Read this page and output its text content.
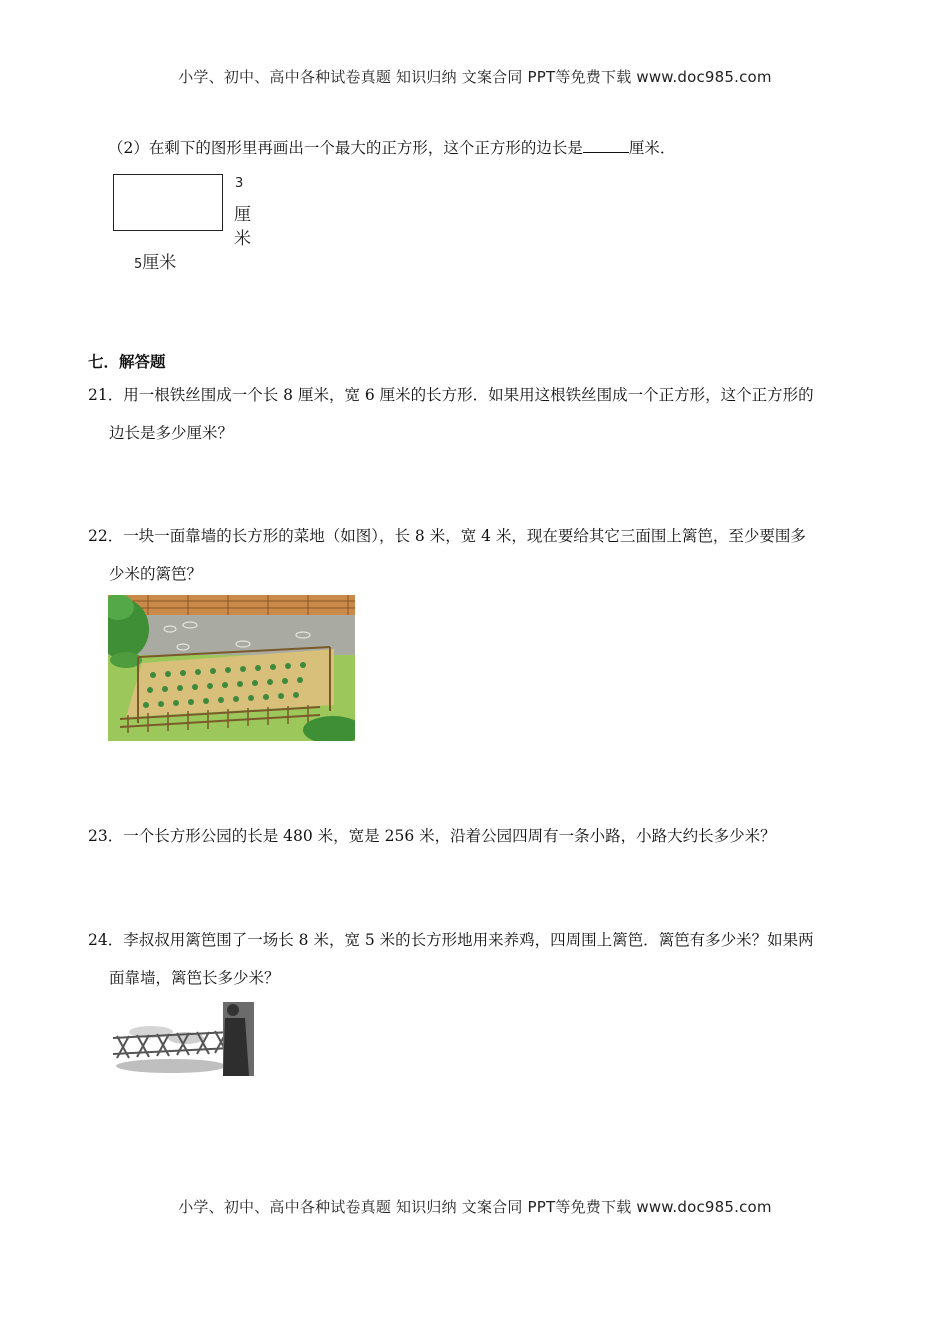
小学、初中、高中各种试卷真题 知识归纳 文案合同 PPT等免费下载 www.doc985.com
（2）在剩下的图形里再画出一个最大的正方形，这个正方形的边长是	厘米．
3
厘
米
5厘米
七．解答题
21．用一根铁丝围成一个长 8 厘米，宽 6 厘米的长方形．如果用这根铁丝围成一个正方形，这个正方形的
边长是多少厘米？
22．一块一面靠墙的长方形的菜地（如图），长 8 米，宽 4 米，现在要给其它三面围上篱笆，至少要围多
少米的篱笆？
23．一个长方形公园的长是 480 米，宽是 256 米，沿着公园四周有一条小路，小路大约长多少米？
24．李叔叔用篱笆围了一场长 8 米，宽 5 米的长方形地用来养鸡，四周围上篱笆．篱笆有多少米？如果两
面靠墙，篱笆长多少米？
小学、初中、高中各种试卷真题 知识归纳 文案合同 PPT等免费下载 www.doc985.com
